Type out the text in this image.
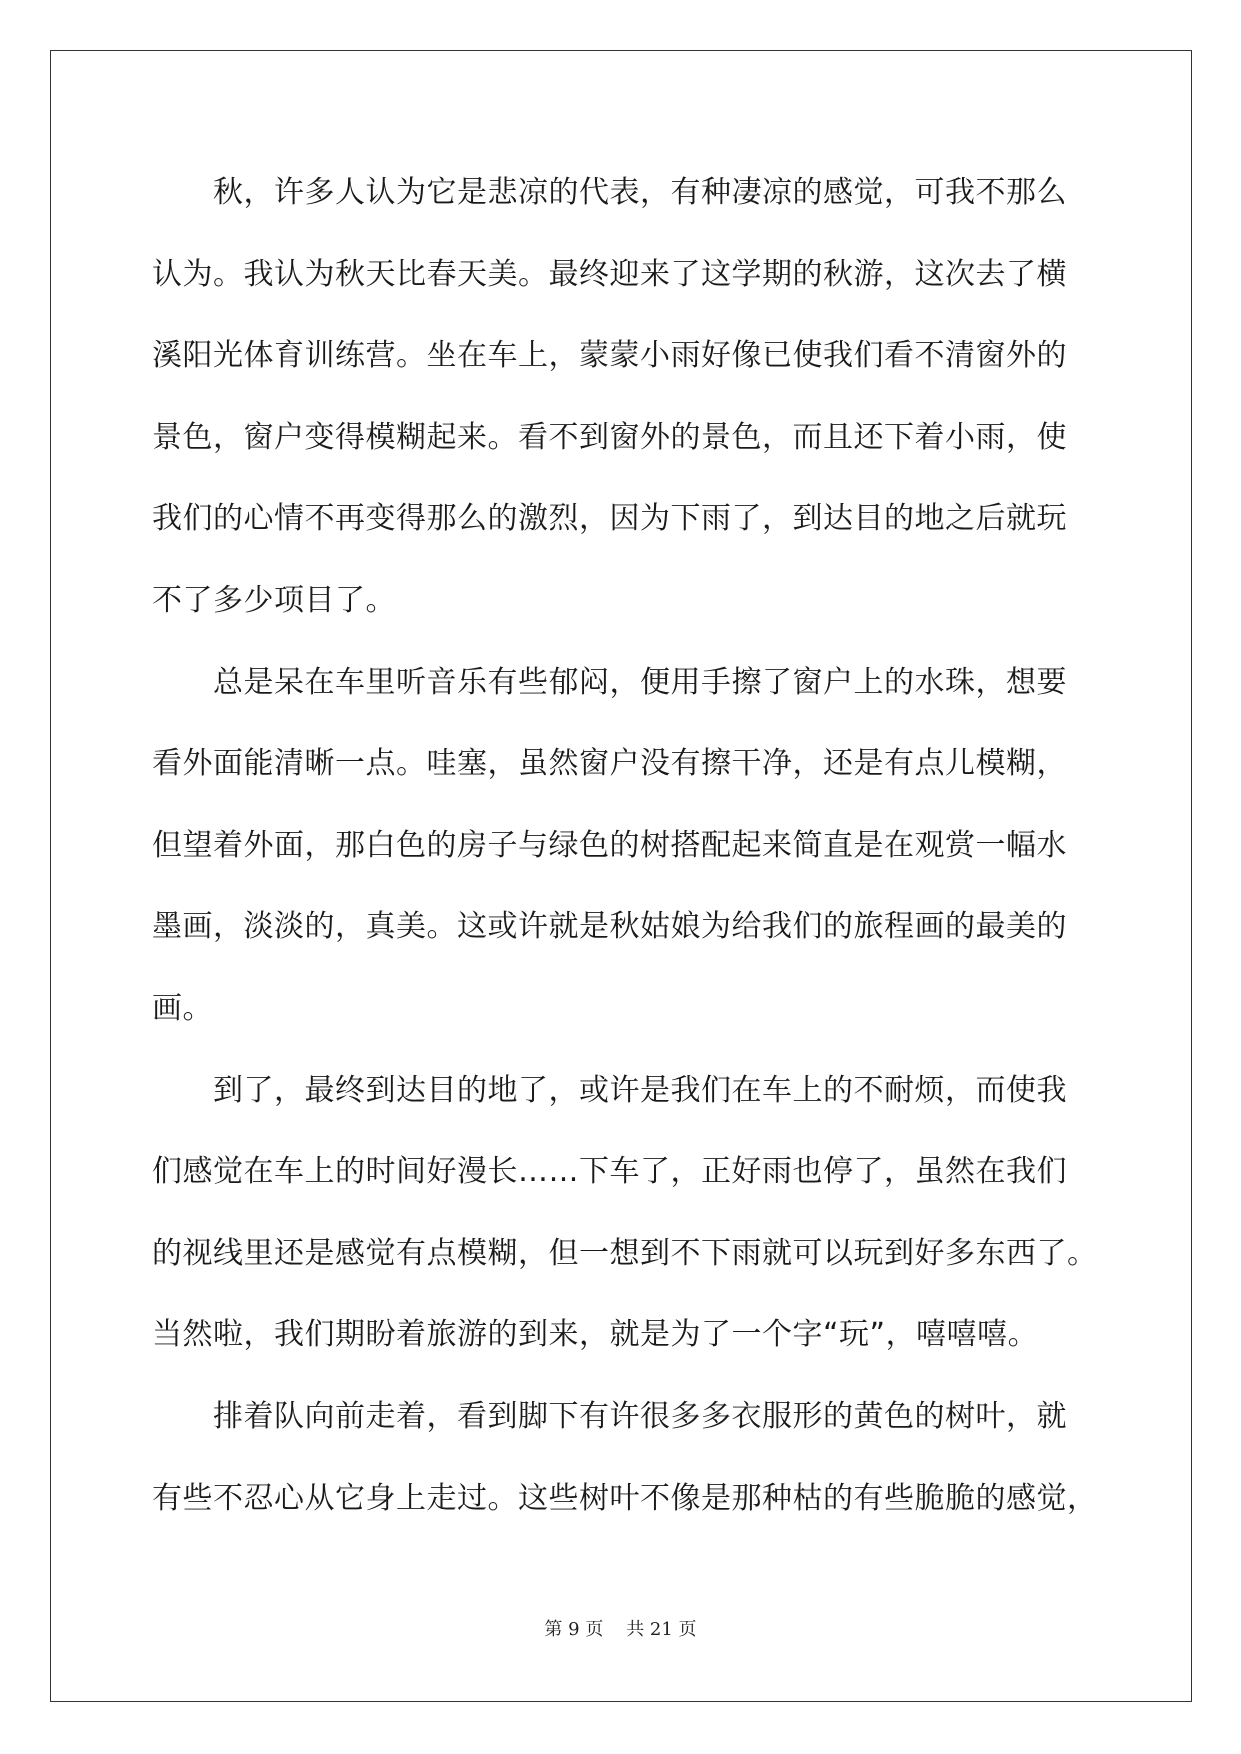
秋，许多人认为它是悲凉的代表，有种凄凉的感觉，可我不那么
认为。我认为秋天比春天美。最终迎来了这学期的秋游，这次去了横
溪阳光体育训练营。坐在车上，蒙蒙小雨好像已使我们看不清窗外的
景色，窗户变得模糊起来。看不到窗外的景色，而且还下着小雨，使
我们的心情不再变得那么的激烈，因为下雨了，到达目的地之后就玩
不了多少项目了。
总是呆在车里听音乐有些郁闷，便用手擦了窗户上的水珠，想要
看外面能清晰一点。哇塞，虽然窗户没有擦干净，还是有点儿模糊，
但望着外面，那白色的房子与绿色的树搭配起来简直是在观赏一幅水
墨画，淡淡的，真美。这或许就是秋姑娘为给我们的旅程画的最美的
画。
到了，最终到达目的地了，或许是我们在车上的不耐烦，而使我
们感觉在车上的时间好漫长……下车了，正好雨也停了，虽然在我们
的视线里还是感觉有点模糊，但一想到不下雨就可以玩到好多东西了。
当然啦，我们期盼着旅游的到来，就是为了一个字“玩”，嘻嘻嘻。
排着队向前走着，看到脚下有许很多多衣服形的黄色的树叶，就
有些不忍心从它身上走过。这些树叶不像是那种枯的有些脆脆的感觉，
第 9 页    共 21 页
